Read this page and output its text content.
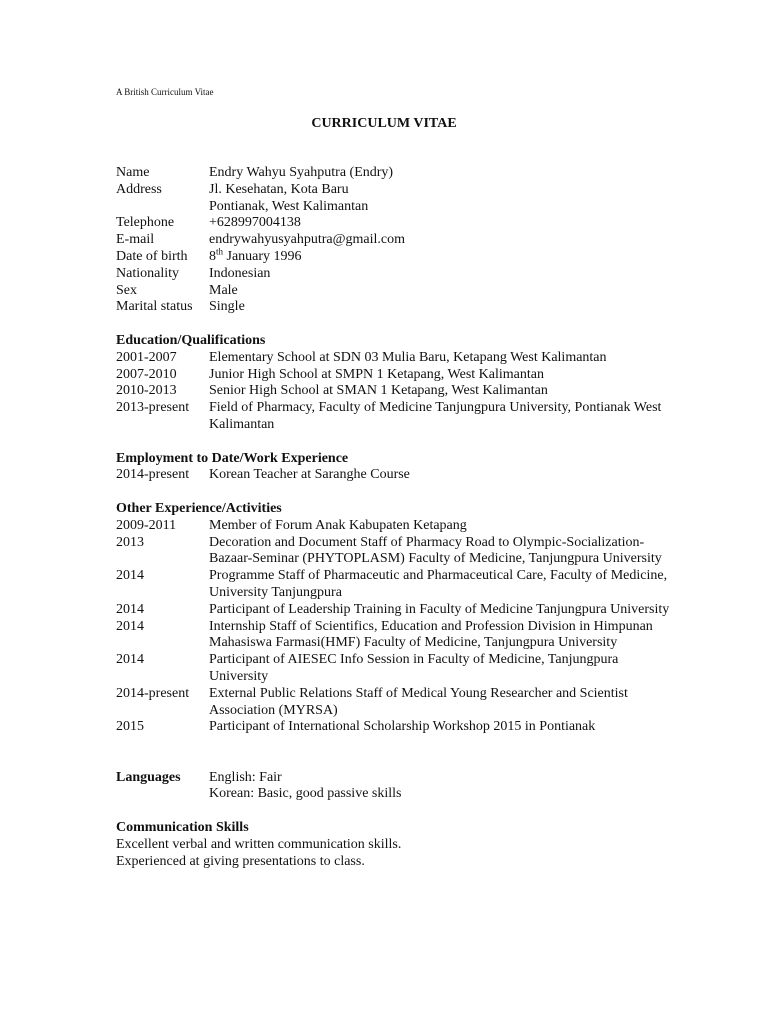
A British Curriculum Vitae
CURRICULUM VITAE
Name	Endry Wahyu Syahputra (Endry)
Address	Jl. Kesehatan, Kota Baru
Pontianak, West Kalimantan
Telephone	+628997004138
E-mail	endrywahyusyahputra@gmail.com
Date of birth	8th January 1996
Nationality	Indonesian
Sex	Male
Marital status	Single
Education/Qualifications
2001-2007	Elementary School at SDN 03 Mulia Baru, Ketapang West Kalimantan
2007-2010	Junior High School at SMPN 1 Ketapang, West Kalimantan
2010-2013	Senior High School at SMAN 1 Ketapang, West Kalimantan
2013-present	Field of Pharmacy, Faculty of Medicine Tanjungpura University, Pontianak West Kalimantan
Employment to Date/Work Experience
2014-present	Korean Teacher at Saranghe Course
Other Experience/Activities
2009-2011	Member of Forum Anak Kabupaten Ketapang
2013	Decoration and Document Staff of Pharmacy Road to Olympic-Socialization-Bazaar-Seminar (PHYTOPLASM) Faculty of Medicine, Tanjungpura University
2014	Programme Staff of Pharmaceutic and Pharmaceutical Care, Faculty of Medicine, University Tanjungpura
2014	Participant of Leadership Training in Faculty of Medicine Tanjungpura University
2014	Internship Staff of Scientifics, Education and Profession Division in Himpunan Mahasiswa Farmasi(HMF) Faculty of Medicine, Tanjungpura University
2014	Participant of AIESEC Info Session in Faculty of Medicine, Tanjungpura University
2014-present	External Public Relations Staff of Medical Young Researcher and Scientist Association (MYRSA)
2015	Participant of International Scholarship Workshop 2015 in Pontianak
Languages	English: Fair
Korean: Basic, good passive skills
Communication Skills
Excellent verbal and written communication skills.
Experienced at giving presentations to class.
